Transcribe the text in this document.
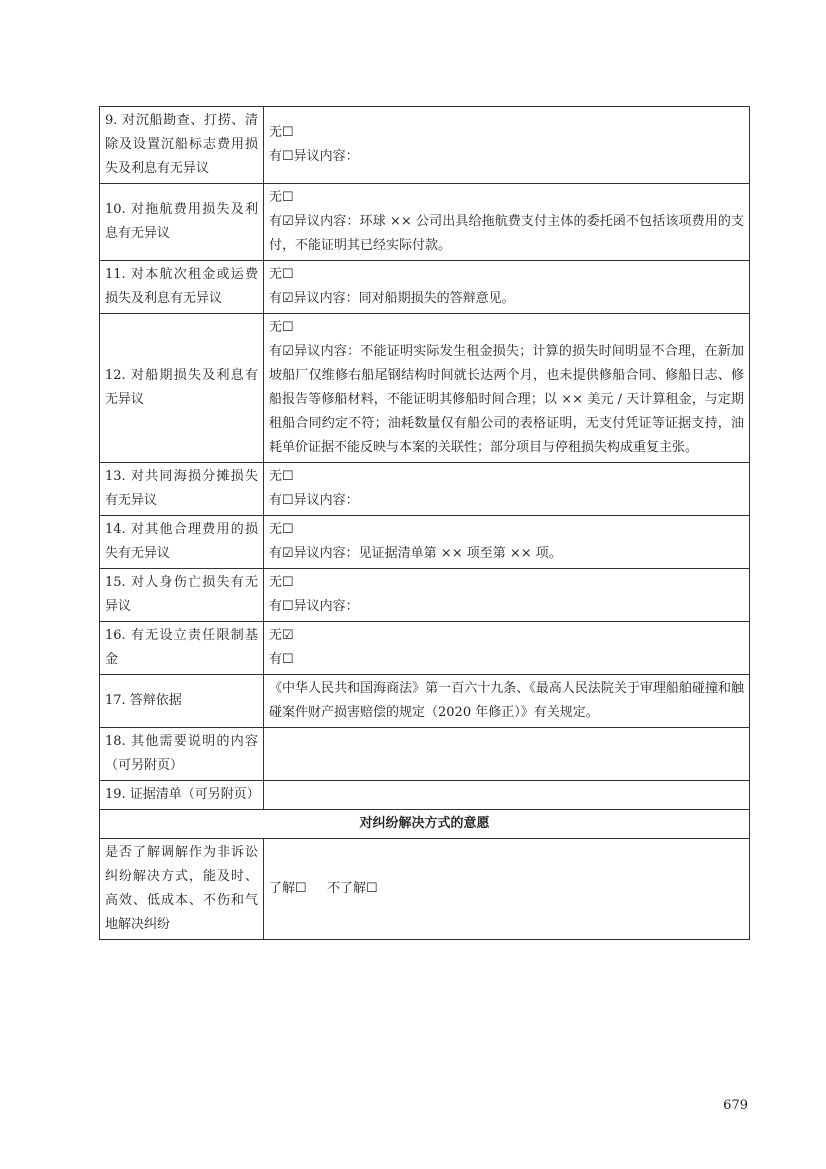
9. 对沉船勘查、打捞、清除及设置沉船标志费用损失及利息有无异议	无☐
有☐异议内容：

10. 对拖航费用损失及利息有无异议	无☐
有☑异议内容：环球 ×× 公司出具给拖航费支付主体的委托函不包括该项费用的支付，不能证明其已经实际付款。

11. 对本航次租金或运费损失及利息有无异议	无☐
有☑异议内容：同对船期损失的答辩意见。

12. 对船期损失及利息有无异议	无☐
有☑异议内容：不能证明实际发生租金损失；计算的损失时间明显不合理，在新加坡船厂仅维修右船尾钢结构时间就长达两个月，也未提供修船合同、修船日志、修船报告等修船材料，不能证明其修船时间合理；以 ×× 美元 / 天计算租金，与定期租船合同约定不符；油耗数量仅有船公司的表格证明，无支付凭证等证据支持，油耗单价证据不能反映与本案的关联性；部分项目与停租损失构成重复主张。

13. 对共同海损分摊损失有无异议	无☐
有☐异议内容：

14. 对其他合理费用的损失有无异议	无☐
有☑异议内容：见证据清单第 ×× 项至第 ×× 项。

15. 对人身伤亡损失有无异议	无☐
有☐异议内容：

16. 有无设立责任限制基金	无☑
有☐

17. 答辩依据	《中华人民共和国海商法》第一百六十九条、《最高人民法院关于审理船舶碰撞和触碰案件财产损害赔偿的规定（2020 年修正）》有关规定。

18. 其他需要说明的内容（可另附页）	
19. 证据清单（可另附页）	
对纠纷解决方式的意愿	
是否了解调解作为非诉讼纠纷解决方式，能及时、高效、低成本、不伤和气地解决纠纷	了解☐ 不了解☐
679
